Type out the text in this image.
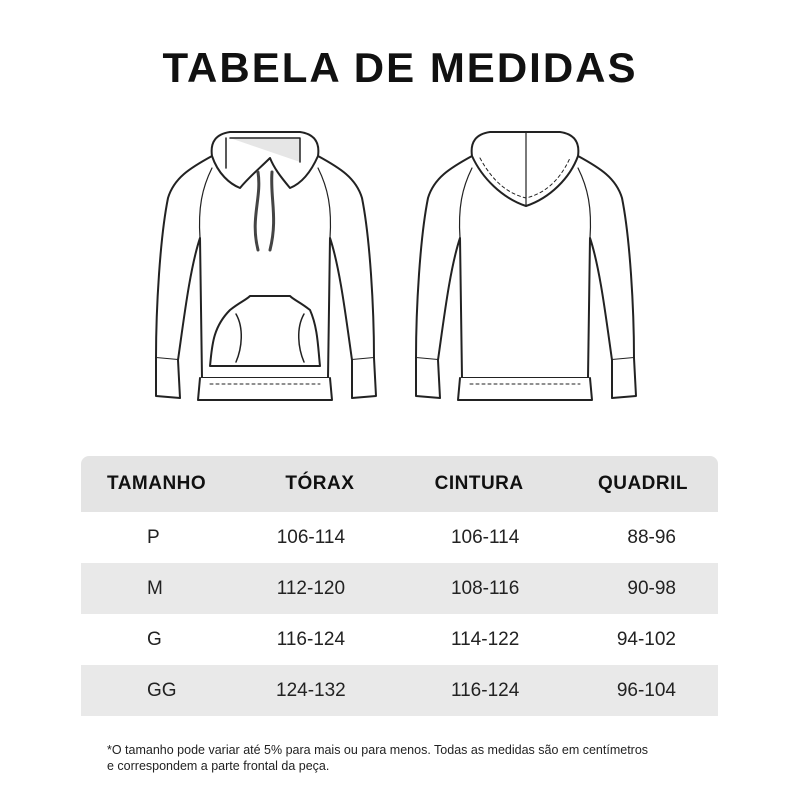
TABELA DE MEDIDAS
TAMANHO	TÓRAX	CINTURA	QUADRIL
P	106-114	106-114	88-96
M	112-120	108-116	90-98
G	116-124	114-122	94-102
GG	124-132	116-124	96-104
*O tamanho pode variar até 5% para mais ou para menos. Todas as medidas são em centímetros
e correspondem a parte frontal da peça.
